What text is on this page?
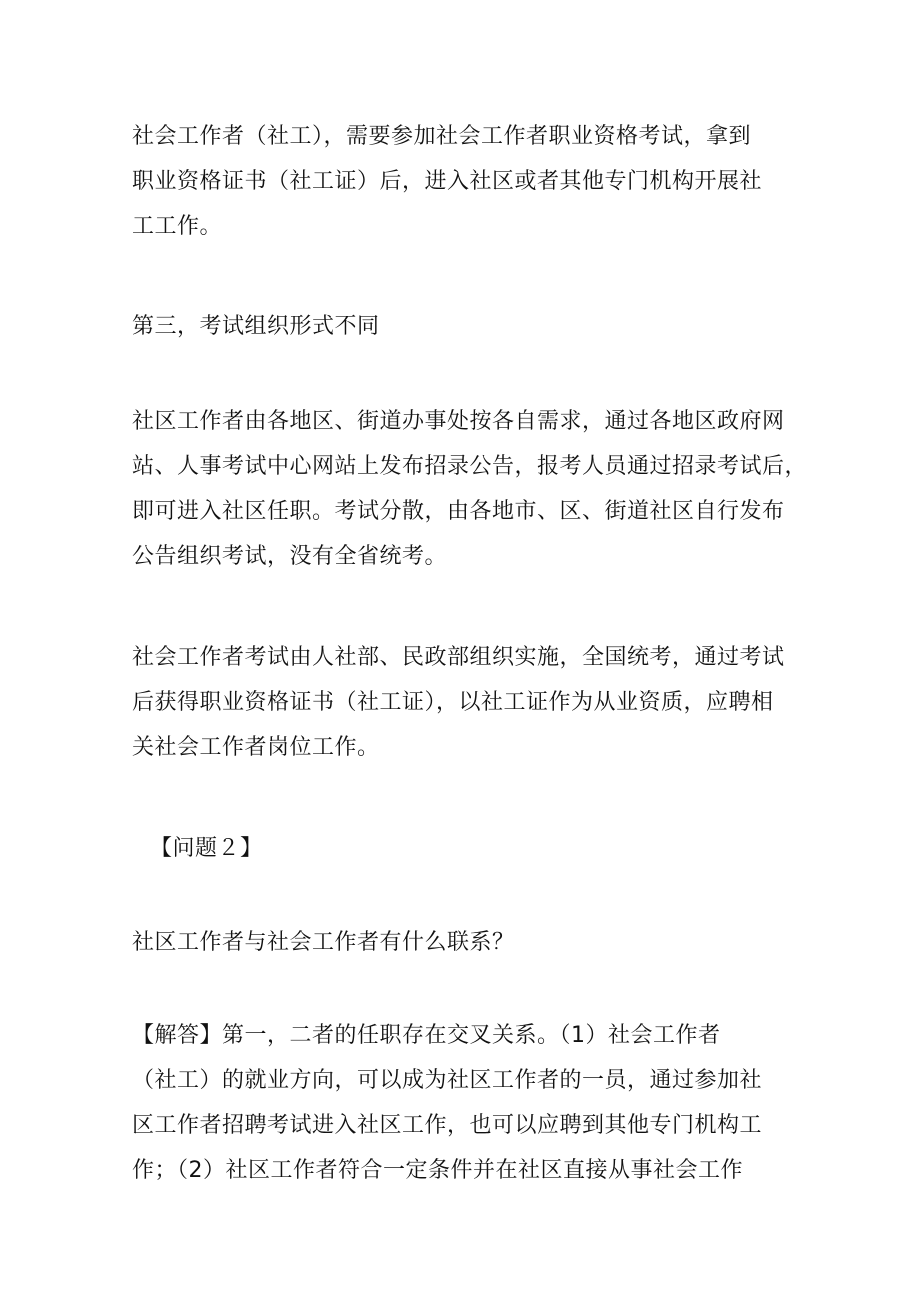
社会工作者（社工），需要参加社会工作者职业资格考试，拿到
职业资格证书（社工证）后，进入社区或者其他专门机构开展社
工工作。

第三，考试组织形式不同

社区工作者由各地区、街道办事处按各自需求，通过各地区政府网
站、人事考试中心网站上发布招录公告，报考人员通过招录考试后，
即可进入社区任职。考试分散，由各地市、区、街道社区自行发布
公告组织考试，没有全省统考。

社会工作者考试由人社部、民政部组织实施，全国统考，通过考试
后获得职业资格证书（社工证），以社工证作为从业资质，应聘相
关社会工作者岗位工作。

【问题２】

社区工作者与社会工作者有什么联系？

【解答】第一，二者的任职存在交叉关系。（1）社会工作者
（社工）的就业方向，可以成为社区工作者的一员，通过参加社
区工作者招聘考试进入社区工作，也可以应聘到其他专门机构工
作；（2）社区工作者符合一定条件并在社区直接从事社会工作
